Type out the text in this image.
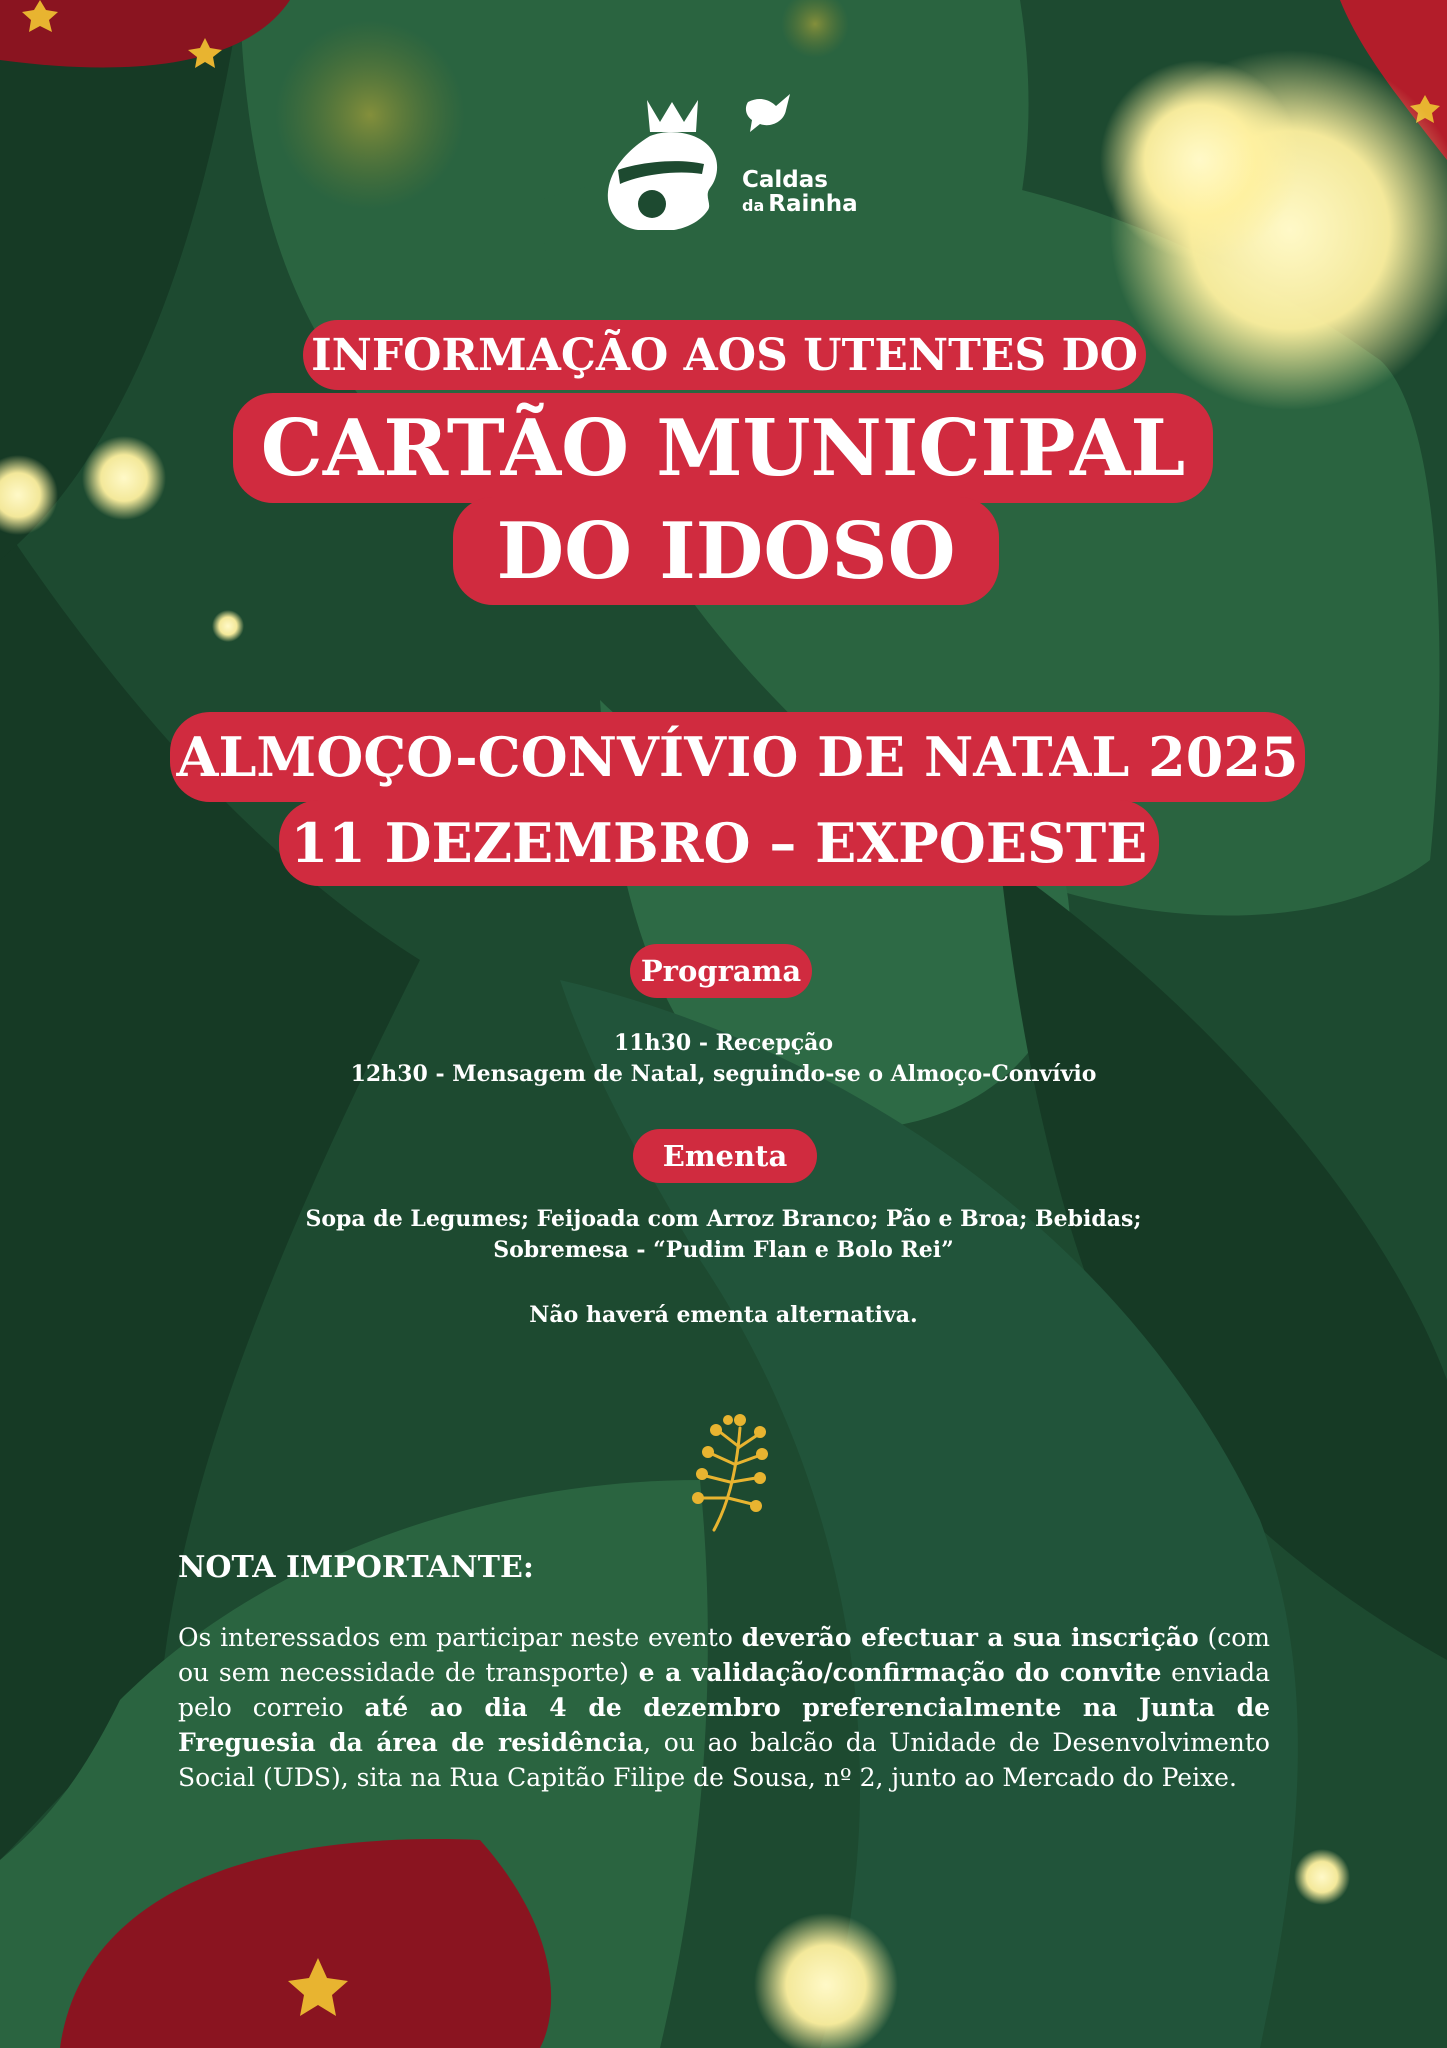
Caldas

da Rainha
INFORMAÇÃO AOS UTENTES DO
CARTÃO MUNICIPAL
DO IDOSO
ALMOÇO-CONVÍVIO DE NATAL 2025
11 DEZEMBRO – EXPOESTE
Programa
11h30 - Recepção
12h30 - Mensagem de Natal, seguindo-se o Almoço-Convívio
Ementa
Sopa de Legumes; Feijoada com Arroz Branco; Pão e Broa; Bebidas;
Sobremesa - “Pudim Flan e Bolo Rei”
Não haverá ementa alternativa.
NOTA IMPORTANTE:

Os interessados em participar neste evento deverão efectuar a sua inscrição (com ou sem necessidade de transporte) e a validação/confirmação do convite enviada pelo correio até ao dia 4 de dezembro preferencialmente na Junta de Freguesia da área de residência, ou ao balcão da Unidade de Desenvolvimento Social (UDS), sita na Rua Capitão Filipe de Sousa, nº 2, junto ao Mercado do Peixe.
